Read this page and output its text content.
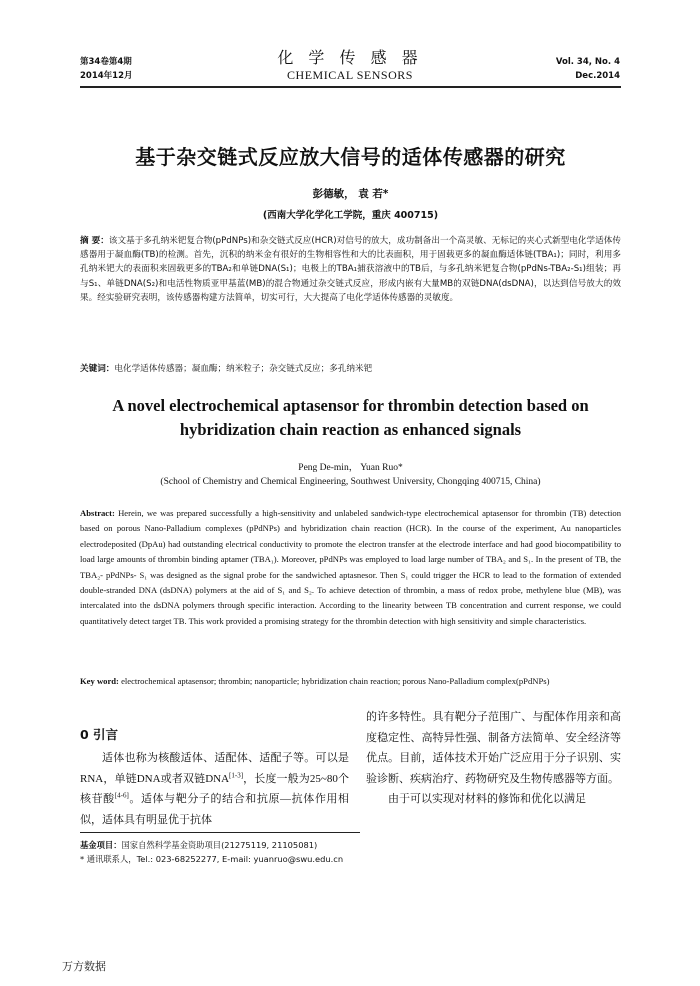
第34卷第4期
2014年12月
化 学 传 感 器
CHEMICAL SENSORS
Vol. 34, No. 4
Dec.2014
基于杂交链式反应放大信号的适体传感器的研究
彭德敏， 袁 若*
(西南大学化学化工学院，重庆 400715)
摘 要：该文基于多孔纳米钯复合物(pPdNPs)和杂交链式反应(HCR)对信号的放大，成功制备出一个高灵敏、无标记的夹心式新型电化学适体传感器用于凝血酶(TB)的检测。首先，沉积的纳米金有很好的生物相容性和大的比表面积，用于固载更多的凝血酶适体链(TBA₁)；同时，利用多孔纳米钯大的表面积来固载更多的TBA₂和单链DNA(S₁)；电极上的TBA₁捕获溶液中的TB后，与多孔纳米钯复合物(pPdNs-TBA₂-S₁)组装；再与S₁、单链DNA(S₂)和电活性物质亚甲基蓝(MB)的混合物通过杂交链式反应，形成内嵌有大量MB的双链DNA(dsDNA)，以达到信号放大的效果。经实验研究表明，该传感器构建方法简单，切实可行，大大提高了电化学适体传感器的灵敏度。
关键词：电化学适体传感器；凝血酶；纳米粒子；杂交链式反应；多孔纳米钯
A novel electrochemical aptasensor for thrombin detection based on
hybridization chain reaction as enhanced signals
Peng De-min， Yuan Ruo*
(School of Chemistry and Chemical Engineering, Southwest University, Chongqing 400715, China)
Abstract: Herein, we was prepared successfully a high-sensitivity and unlabeled sandwich-type electrochemical aptasensor for thrombin (TB) detection based on porous Nano-Palladium complexes (pPdNPs) and hybridization chain reaction (HCR). In the course of the experiment, Au nanoparticles electrodeposited (DpAu) had outstanding electrical conductivity to promote the electron transfer at the electrode interface and had good biocompatibility to load large amounts of thrombin binding aptamer (TBA₁). Moreover, pPdNPs was employed to load large number of TBA₂ and S₁. In the present of TB, the TBA₂- pPdNPs- S₁ was designed as the signal probe for the sandwiched aptasnesor. Then S₁ could trigger the HCR to lead to the formation of extended double-stranded DNA (dsDNA) polymers at the aid of S₁ and S₂. To achieve detection of thrombin, a mass of redox probe, methylene blue (MB), was intercalated into the dsDNA polymers through specific interaction. According to the linearity between TB concentration and current response, we could quantitatively detect target TB. This work provided a promising strategy for the thrombin detection with high sensitivity and simple characteristics.
Key word: electrochemical aptasensor; thrombin; nanoparticle; hybridization chain reaction; porous Nano-Palladium complex(pPdNPs)
0 引言

适体也称为核酸适体、适配体、适配子等。可以是RNA，单链DNA或者双链DNA[1-3]，长度一般为25~80个核苷酸[4-6]。适体与靶分子的结合和抗原—抗体作用相似，适体具有明显优于抗体

的许多特性。具有靶分子范围广、与配体作用亲和高度稳定性、高特异性强、制备方法简单、安全经济等优点。目前，适体技术开始广泛应用于分子识别、实验诊断、疾病治疗、药物研究及生物传感器等方面。

由于可以实现对材料的修饰和优化以满足

基金项目：国家自然科学基金资助项目(21275119, 21105081)
* 通讯联系人，Tel.: 023-68252277, E-mail: yuanruo@swu.edu.cn
万方数据
